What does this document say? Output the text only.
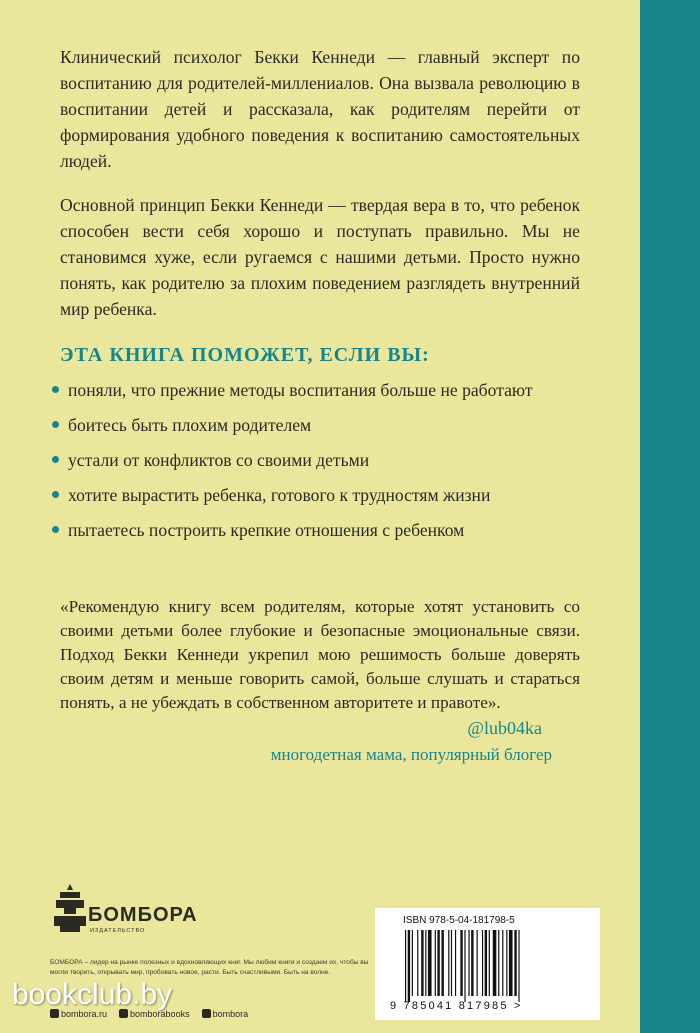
Клинический психолог Бекки Кеннеди — главный эксперт по воспитанию для родителей-миллениалов. Она вызвала революцию в воспитании детей и рассказала, как родителям перейти от формирования удобного поведения к воспитанию самостоятельных людей.

Основной принцип Бекки Кеннеди — твердая вера в то, что ребенок способен вести себя хорошо и поступать правильно. Мы не становимся хуже, если ругаемся с нашими детьми. Просто нужно понять, как родителю за плохим поведением разглядеть внутренний мир ребенка.

ЭТА КНИГА ПОМОЖЕТ, ЕСЛИ ВЫ:
поняли, что прежние методы воспитания больше не работают
боитесь быть плохим родителем
устали от конфликтов со своими детьми
хотите вырастить ребенка, готового к трудностям жизни
пытаетесь построить крепкие отношения с ребенком

«Рекомендую книгу всем родителям, которые хотят установить со своими детьми более глубокие и безопасные эмоциональные связи. Подход Бекки Кеннеди укрепил мою решимость больше доверять своим детям и меньше говорить самой, больше слушать и стараться понять, а не убеждать в собственном авторитете и правоте».

@lub04ka
многодетная мама, популярный блогер
БОМБОРА
ИЗДАТЕЛЬСТВО

БОМБОРА – лидер на рынке полезных и вдохновляющих книг. Мы любим книги и создаем их, чтобы вы могли творить, открывать мир, пробовать новое, расти. Быть счастливыми. Быть на волне.

bombora.ru	bomborabooks	bombora
ISBN 978-5-04-181798-5
9 785041 817985 >
bookclub.by
